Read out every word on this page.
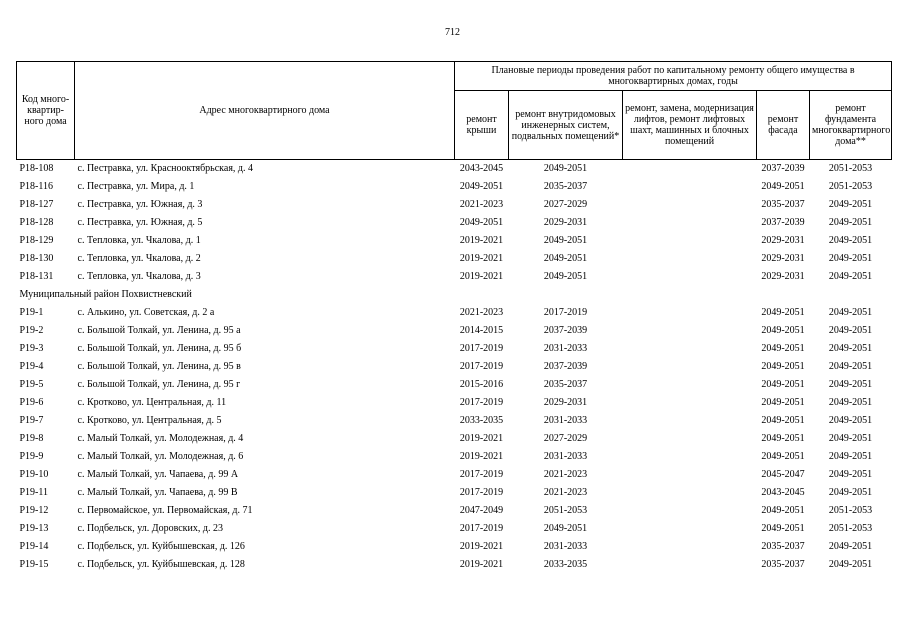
712
Код много-квартир-ного дома	Адрес многоквартирного дома	Плановые периоды проведения работ по капитальному ремонту общего имущества в многоквартирных домах, годы				
		ремонт крыши	ремонт внутридомовых инженерных систем, подвальных помещений*	ремонт, замена, модернизация лифтов, ремонт лифтовых шахт, машинных и блочных помещений	ремонт фасада	ремонт фундамента многоквартирного дома**
Р18-108	с. Пестравка, ул. Краснооктябрьская, д. 4	2043-2045	2049-2051		2037-2039	2051-2053
Р18-116	с. Пестравка, ул. Мира, д. 1	2049-2051	2035-2037		2049-2051	2051-2053
Р18-127	с. Пестравка, ул. Южная, д. 3	2021-2023	2027-2029		2035-2037	2049-2051
Р18-128	с. Пестравка, ул. Южная, д. 5	2049-2051	2029-2031		2037-2039	2049-2051
Р18-129	с. Тепловка, ул. Чкалова, д. 1	2019-2021	2049-2051		2029-2031	2049-2051
Р18-130	с. Тепловка, ул. Чкалова, д. 2	2019-2021	2049-2051		2029-2031	2049-2051
Р18-131	с. Тепловка, ул. Чкалова, д. 3	2019-2021	2049-2051		2029-2031	2049-2051
Муниципальный район Похвистневский						
Р19-1	с. Алькино, ул. Советская, д. 2 а	2021-2023	2017-2019		2049-2051	2049-2051
Р19-2	с. Большой Толкай, ул. Ленина, д. 95 а	2014-2015	2037-2039		2049-2051	2049-2051
Р19-3	с. Большой Толкай, ул. Ленина, д. 95 б	2017-2019	2031-2033		2049-2051	2049-2051
Р19-4	с. Большой Толкай, ул. Ленина, д. 95 в	2017-2019	2037-2039		2049-2051	2049-2051
Р19-5	с. Большой Толкай, ул. Ленина, д. 95 г	2015-2016	2035-2037		2049-2051	2049-2051
Р19-6	с. Кротково, ул. Центральная, д. 11	2017-2019	2029-2031		2049-2051	2049-2051
Р19-7	с. Кротково, ул. Центральная, д. 5	2033-2035	2031-2033		2049-2051	2049-2051
Р19-8	с. Малый Толкай, ул. Молодежная, д. 4	2019-2021	2027-2029		2049-2051	2049-2051
Р19-9	с. Малый Толкай, ул. Молодежная, д. 6	2019-2021	2031-2033		2049-2051	2049-2051
Р19-10	с. Малый Толкай, ул. Чапаева, д. 99 А	2017-2019	2021-2023		2045-2047	2049-2051
Р19-11	с. Малый Толкай, ул. Чапаева, д. 99 В	2017-2019	2021-2023		2043-2045	2049-2051
Р19-12	с. Первомайское, ул. Первомайская, д. 71	2047-2049	2051-2053		2049-2051	2051-2053
Р19-13	с. Подбельск, ул. Доровских, д. 23	2017-2019	2049-2051		2049-2051	2051-2053
Р19-14	с. Подбельск, ул. Куйбышевская, д. 126	2019-2021	2031-2033		2035-2037	2049-2051
Р19-15	с. Подбельск, ул. Куйбышевская, д. 128	2019-2021	2033-2035		2035-2037	2049-2051
